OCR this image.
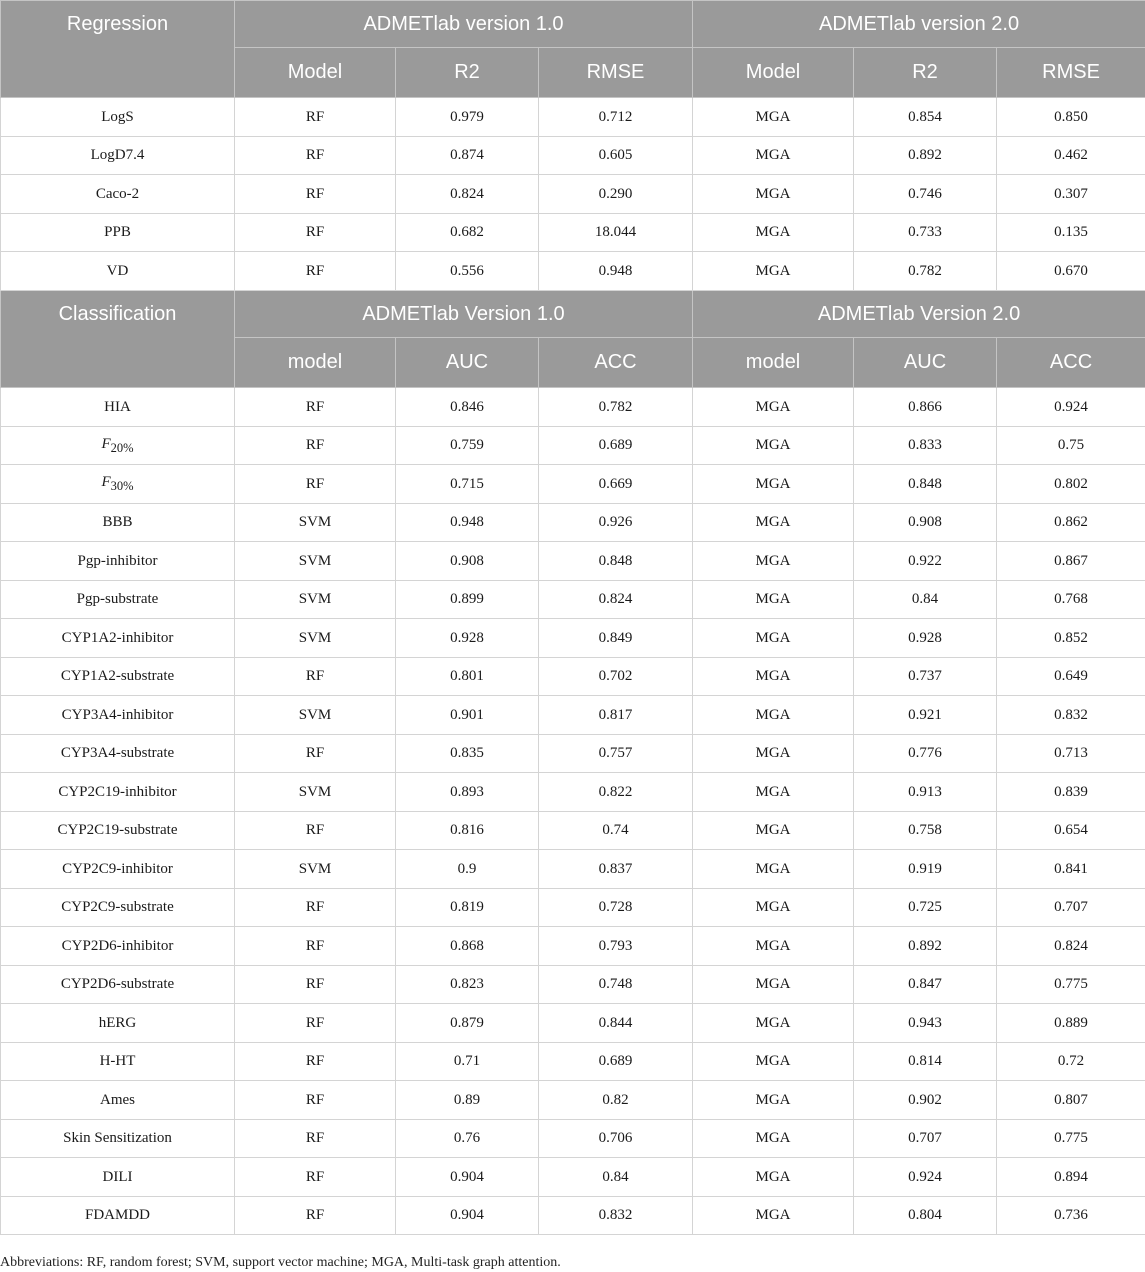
Regression	ADMETlab version 1.0			ADMETlab version 2.0		
	Model	R2	RMSE	Model	R2	RMSE
LogS	RF	0.979	0.712	MGA	0.854	0.850
LogD7.4	RF	0.874	0.605	MGA	0.892	0.462
Caco-2	RF	0.824	0.290	MGA	0.746	0.307
PPB	RF	0.682	18.044	MGA	0.733	0.135
VD	RF	0.556	0.948	MGA	0.782	0.670
Classification	ADMETlab Version 1.0			ADMETlab Version 2.0		
	model	AUC	ACC	model	AUC	ACC
HIA	RF	0.846	0.782	MGA	0.866	0.924
$F_{20\%}$	RF	0.759	0.689	MGA	0.833	0.75
$F_{30\%}$	RF	0.715	0.669	MGA	0.848	0.802
BBB	SVM	0.948	0.926	MGA	0.908	0.862
Pgp-inhibitor	SVM	0.908	0.848	MGA	0.922	0.867
Pgp-substrate	SVM	0.899	0.824	MGA	0.84	0.768
CYP1A2-inhibitor	SVM	0.928	0.849	MGA	0.928	0.852
CYP1A2-substrate	RF	0.801	0.702	MGA	0.737	0.649
CYP3A4-inhibitor	SVM	0.901	0.817	MGA	0.921	0.832
CYP3A4-substrate	RF	0.835	0.757	MGA	0.776	0.713
CYP2C19-inhibitor	SVM	0.893	0.822	MGA	0.913	0.839
CYP2C19-substrate	RF	0.816	0.74	MGA	0.758	0.654
CYP2C9-inhibitor	SVM	0.9	0.837	MGA	0.919	0.841
CYP2C9-substrate	RF	0.819	0.728	MGA	0.725	0.707
CYP2D6-inhibitor	RF	0.868	0.793	MGA	0.892	0.824
CYP2D6-substrate	RF	0.823	0.748	MGA	0.847	0.775
hERG	RF	0.879	0.844	MGA	0.943	0.889
H-HT	RF	0.71	0.689	MGA	0.814	0.72
Ames	RF	0.89	0.82	MGA	0.902	0.807
Skin Sensitization	RF	0.76	0.706	MGA	0.707	0.775
DILI	RF	0.904	0.84	MGA	0.924	0.894
FDAMDD	RF	0.904	0.832	MGA	0.804	0.736
Abbreviations: RF, random forest; SVM, support vector machine; MGA, Multi-task graph attention.
